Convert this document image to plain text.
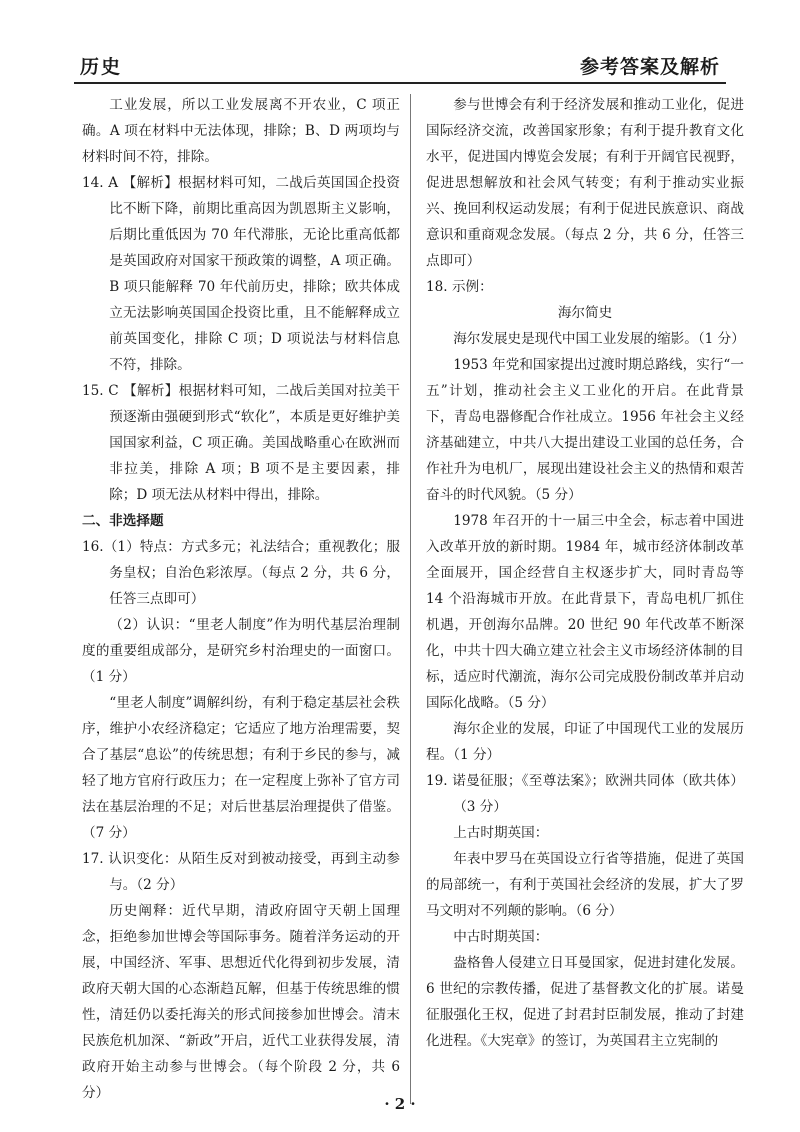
历史	参考答案及解析

工业发展，所以工业发展离不开农业，C 项正确。A 项在材料中无法体现，排除；B、D 两项均与材料时间不符，排除。

14. A 【解析】根据材料可知，二战后英国国企投资比不断下降，前期比重高因为凯恩斯主义影响，后期比重低因为 70 年代滞胀，无论比重高低都是英国政府对国家干预政策的调整，A 项正确。B 项只能解释 70 年代前历史，排除；欧共体成立无法影响英国国企投资比重，且不能解释成立前英国变化，排除 C 项；D 项说法与材料信息不符，排除。

15. C 【解析】根据材料可知，二战后美国对拉美干预逐渐由强硬到形式“软化”，本质是更好维护美国国家利益，C 项正确。美国战略重心在欧洲而非拉美，排除 A 项；B 项不是主要因素，排除；D 项无法从材料中得出，排除。

二、非选择题

16.（1）特点：方式多元；礼法结合；重视教化；服务皇权；自治色彩浓厚。（每点 2 分，共 6 分，任答三点即可）

（2）认识：“里老人制度”作为明代基层治理制度的重要组成部分，是研究乡村治理史的一面窗口。（1 分）

“里老人制度”调解纠纷，有利于稳定基层社会秩序，维护小农经济稳定；它适应了地方治理需要，契合了基层“息讼”的传统思想；有利于乡民的参与，减轻了地方官府行政压力；在一定程度上弥补了官方司法在基层治理的不足；对后世基层治理提供了借鉴。（7 分）

17. 认识变化：从陌生反对到被动接受，再到主动参与。（2 分）

历史阐释：近代早期，清政府固守天朝上国理念，拒绝参加世博会等国际事务。随着洋务运动的开展，中国经济、军事、思想近代化得到初步发展，清政府天朝大国的心态渐趋瓦解，但基于传统思维的惯性，清廷仍以委托海关的形式间接参加世博会。清末民族危机加深、“新政”开启，近代工业获得发展，清政府开始主动参与世博会。（每个阶段 2 分，共 6 分）

参与世博会有利于经济发展和推动工业化，促进国际经济交流，改善国家形象；有利于提升教育文化水平，促进国内博览会发展；有利于开阔官民视野，促进思想解放和社会风气转变；有利于推动实业振兴、挽回利权运动发展；有利于促进民族意识、商战意识和重商观念发展。（每点 2 分，共 6 分，任答三点即可）

18. 示例：

海尔简史

海尔发展史是现代中国工业发展的缩影。（1 分）

1953 年党和国家提出过渡时期总路线，实行“一五”计划，推动社会主义工业化的开启。在此背景下，青岛电器修配合作社成立。1956 年社会主义经济基础建立，中共八大提出建设工业国的总任务，合作社升为电机厂，展现出建设社会主义的热情和艰苦奋斗的时代风貌。（5 分）

1978 年召开的十一届三中全会，标志着中国进入改革开放的新时期。1984 年，城市经济体制改革全面展开，国企经营自主权逐步扩大，同时青岛等 14 个沿海城市开放。在此背景下，青岛电机厂抓住机遇，开创海尔品牌。20 世纪 90 年代改革不断深化，中共十四大确立建立社会主义市场经济体制的目标，适应时代潮流，海尔公司完成股份制改革并启动国际化战略。（5 分）

海尔企业的发展，印证了中国现代工业的发展历程。（1 分）

19. 诺曼征服；《至尊法案》；欧洲共同体（欧共体）（3 分）

上古时期英国：

年表中罗马在英国设立行省等措施，促进了英国的局部统一，有利于英国社会经济的发展，扩大了罗马文明对不列颠的影响。（6 分）

中古时期英国：

盎格鲁人侵建立日耳曼国家，促进封建化发展。6 世纪的宗教传播，促进了基督教文化的扩展。诺曼征服强化王权，促进了封君封臣制发展，推动了封建化进程。《大宪章》的签订，为英国君主立宪制的

· 2 ·
